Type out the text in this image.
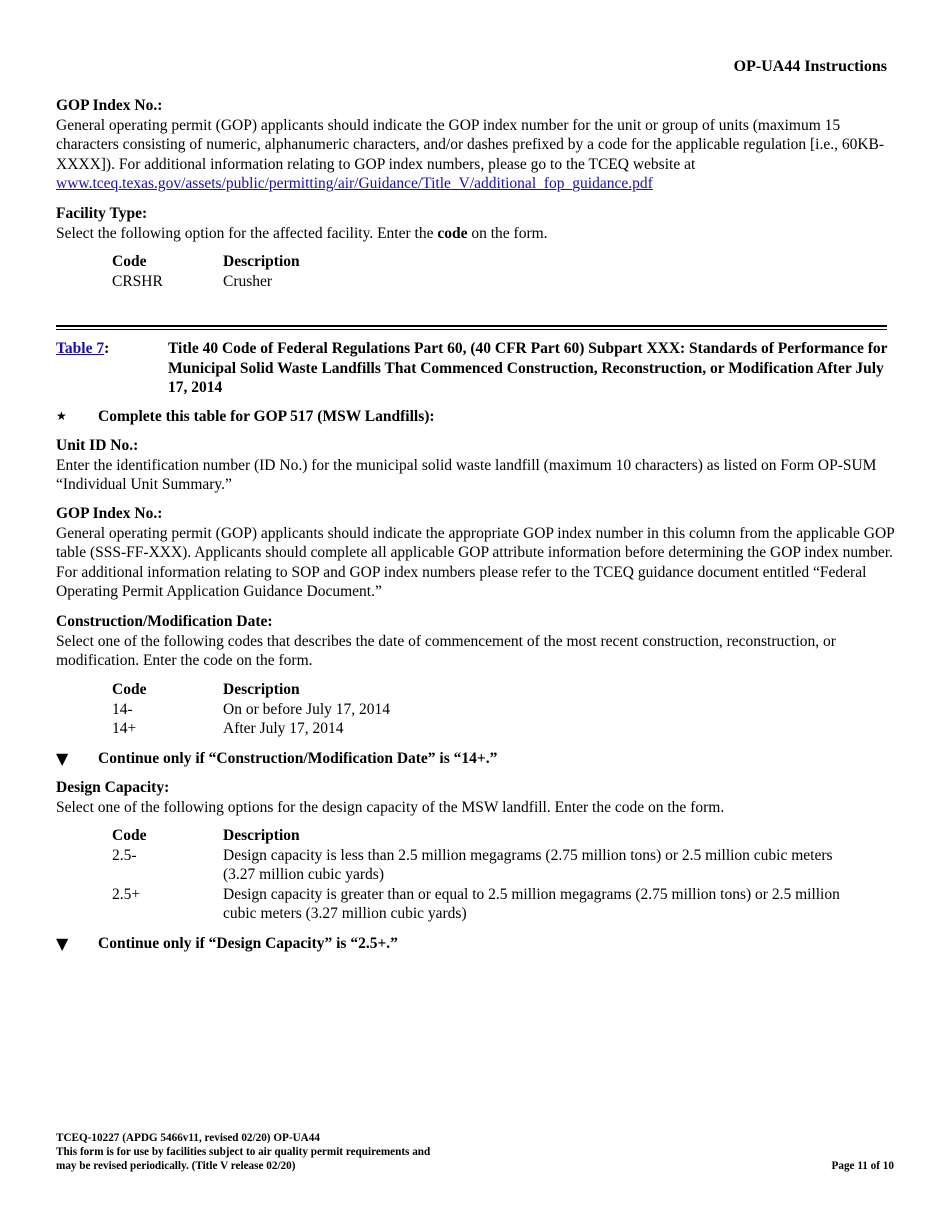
OP-UA44 Instructions

GOP Index No.:

General operating permit (GOP) applicants should indicate the GOP index number for the unit or group of units (maximum 15 characters consisting of numeric, alphanumeric characters, and/or dashes prefixed by a code for the applicable regulation [i.e., 60KB-XXXX]). For additional information relating to GOP index numbers, please go to the TCEQ website at www.tceq.texas.gov/assets/public/permitting/air/Guidance/Title_V/additional_fop_guidance.pdf

Facility Type:

Select the following option for the affected facility. Enter the code on the form.

Code	Description
CRSHR	Crusher
Table 7:	Title 40 Code of Federal Regulations Part 60, (40 CFR Part 60) Subpart XXX: Standards of Performance for Municipal Solid Waste Landfills That Commenced Construction, Reconstruction, or Modification After July 17, 2014
★ Complete this table for GOP 517 (MSW Landfills):

Unit ID No.:

Enter the identification number (ID No.) for the municipal solid waste landfill (maximum 10 characters) as listed on Form OP-SUM “Individual Unit Summary.”

GOP Index No.:

General operating permit (GOP) applicants should indicate the appropriate GOP index number in this column from the applicable GOP table (SSS-FF-XXX). Applicants should complete all applicable GOP attribute information before determining the GOP index number. For additional information relating to SOP and GOP index numbers please refer to the TCEQ guidance document entitled “Federal Operating Permit Application Guidance Document.”

Construction/Modification Date:

Select one of the following codes that describes the date of commencement of the most recent construction, reconstruction, or modification. Enter the code on the form.

Code	Description
14-	On or before July 17, 2014
14+	After July 17, 2014
▼ Continue only if “Construction/Modification Date” is “14+.”

Design Capacity:

Select one of the following options for the design capacity of the MSW landfill. Enter the code on the form.

Code	Description
2.5-	Design capacity is less than 2.5 million megagrams (2.75 million tons) or 2.5 million cubic meters (3.27 million cubic yards)
2.5+	Design capacity is greater than or equal to 2.5 million megagrams (2.75 million tons) or 2.5 million cubic meters (3.27 million cubic yards)
▼ Continue only if “Design Capacity” is “2.5+.”
TCEQ-10227 (APDG 5466v11, revised 02/20) OP-UA44
This form is for use by facilities subject to air quality permit requirements and
may be revised periodically. (Title V release 02/20)	Page 11 of 10
